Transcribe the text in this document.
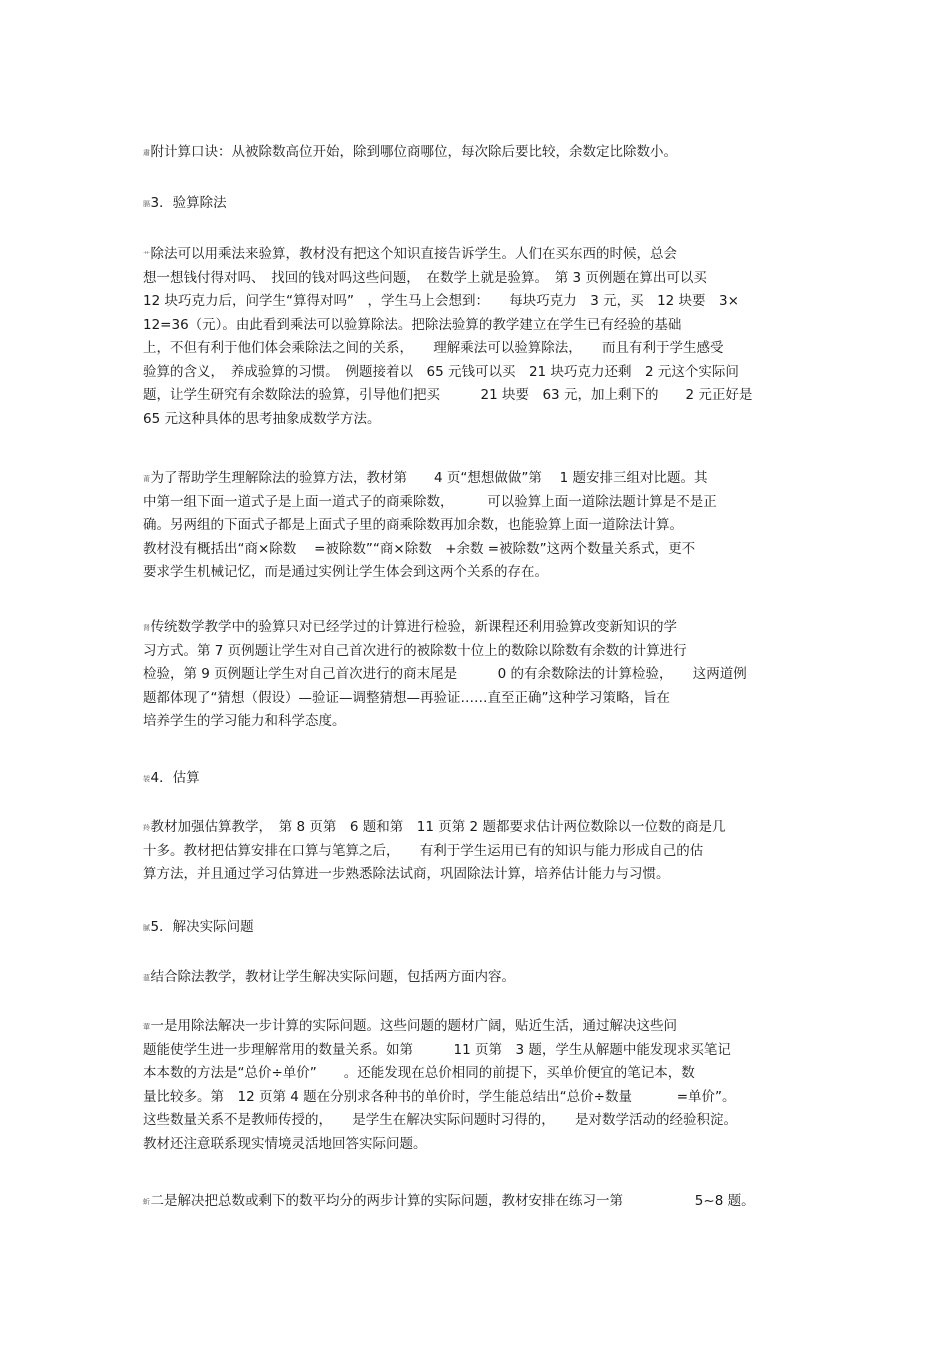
肅附计算口诀：从被除数高位开始，除到哪位商哪位，每次除后要比较，余数定比除数小。
膈3．验算除法
艹除法可以用乘法来验算，教材没有把这个知识直接告诉学生。人们在买东西的时候，总会
想一想钱付得对吗、　找回的钱对吗这些问题，　在数学上就是验算。　第 3 页例题在算出可以买
12 块巧克力后，问学生“算得对吗”　，学生马上会想到：　　每块巧克力　3 元，买　12 块要　3×
12=36（元）。由此看到乘法可以验算除法。把除法验算的教学建立在学生已有经验的基础
上，不但有利于他们体会乘除法之间的关系，　　理解乘法可以验算除法，　　而且有利于学生感受
验算的含义，　养成验算的习惯。　例题接着以　65 元钱可以买　21 块巧克力还剩　2 元这个实际问
题，让学生研究有余数除法的验算，引导他们把买　　　21 块要　63 元，加上剩下的　　2 元正好是
65 元这种具体的思考抽象成数学方法。
莆为了帮助学生理解除法的验算方法，教材第　　4 页“想想做做”第　 1 题安排三组对比题。其
中第一组下面一道式子是上面一道式子的商乘除数，　　　可以验算上面一道除法题计算是不是正
确。另两组的下面式子都是上面式子里的商乘除数再加余数，也能验算上面一道除法计算。
教材没有概括出“商×除数　 =被除数”“商×除数　+余数 =被除数”这两个数量关系式，更不
要求学生机械记忆，而是通过实例让学生体会到这两个关系的存在。
肾传统数学教学中的验算只对已经学过的计算进行检验，新课程还利用验算改变新知识的学
习方式。第 7 页例题让学生对自己首次进行的被除数十位上的数除以除数有余数的计算进行
检验，第 9 页例题让学生对自己首次进行的商末尾是　　　0 的有余数除法的计算检验，　　这两道例
题都体现了“猜想（假设）—验证—调整猜想—再验证……直至正确”这种学习策略，旨在
培养学生的学习能力和科学态度。
袈4．估算
羚教材加强估算教学，　第 8 页第　6 题和第　11 页第 2 题都要求估计两位数除以一位数的商是几
十多。教材把估算安排在口算与笔算之后，　　有利于学生运用已有的知识与能力形成自己的估
算方法，并且通过学习估算进一步熟悉除法试商，巩固除法计算，培养估计能力与习惯。
膩5．解决实际问题
薀结合除法教学，教材让学生解决实际问题，包括两方面内容。
葷一是用除法解决一步计算的实际问题。这些问题的题材广阔，贴近生活，通过解决这些问
题能使学生进一步理解常用的数量关系。如第　　　11 页第　3 题，学生从解题中能发现求买笔记
本本数的方法是“总价÷单价”　　。还能发现在总价相同的前提下，买单价便宜的笔记本，数
量比较多。第　12 页第 4 题在分别求各种书的单价时，学生能总结出“总价÷数量　　　 =单价”。
这些数量关系不是教师传授的，　　是学生在解决实际问题时习得的，　　是对数学活动的经验积淀。
教材还注意联系现实情境灵活地回答实际问题。
蚚二是解决把总数或剩下的数平均分的两步计算的实际问题，教材安排在练习一第　　　　　 5~8 题。
